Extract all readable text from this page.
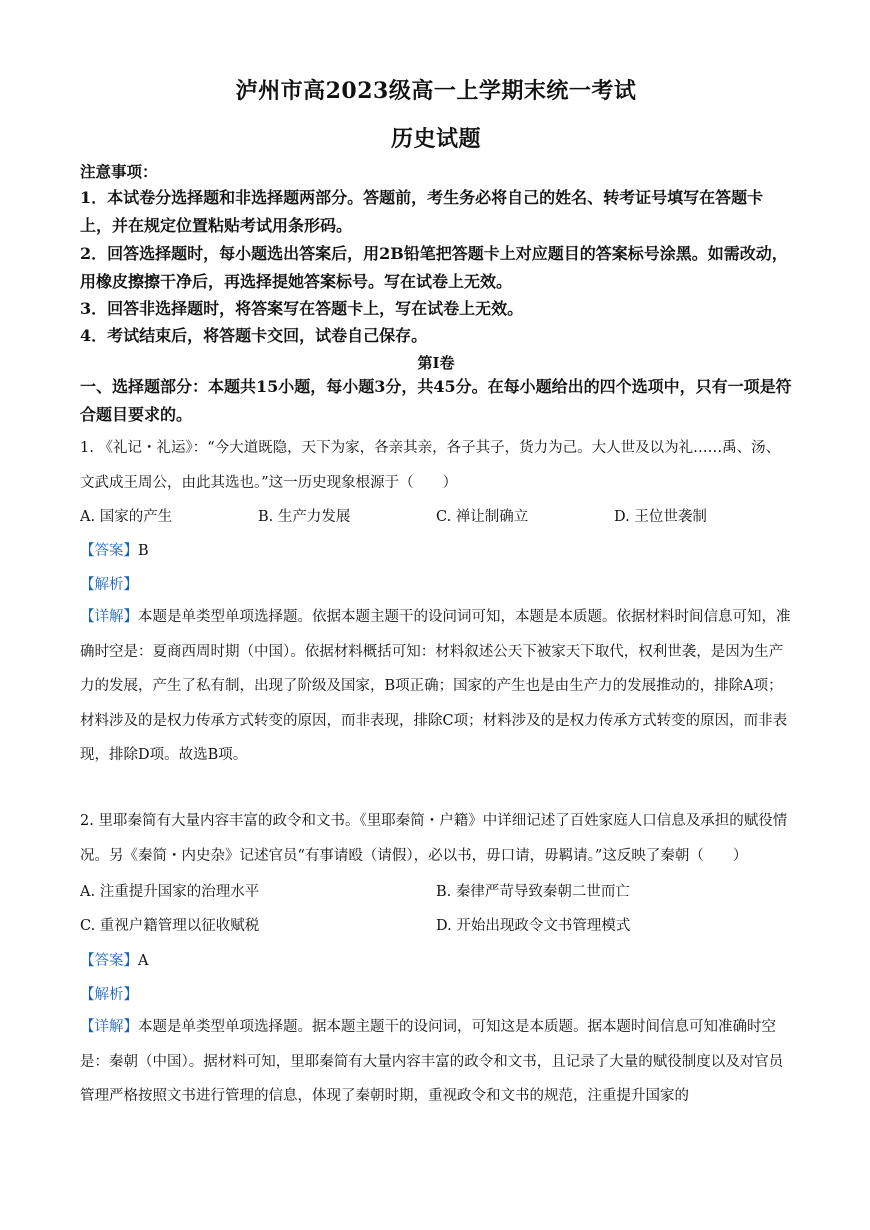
泸州市高2023级高一上学期末统一考试
历史试题
注意事项：
1．本试卷分选择题和非选择题两部分。答题前，考生务必将自己的姓名、转考证号填写在答题卡上，并在规定位置粘贴考试用条形码。
2．回答选择题时，每小题选出答案后，用2B铅笔把答题卡上对应题目的答案标号涂黑。如需改动，用橡皮擦擦干净后，再选择提她答案标号。写在试卷上无效。
3．回答非选择题时，将答案写在答题卡上，写在试卷上无效。
4．考试结束后，将答题卡交回，试卷自己保存。
第Ⅰ卷
一、选择题部分：本题共15小题，每小题3分，共45分。在每小题给出的四个选项中，只有一项是符合题目要求的。
1. 《礼记・礼运》：“今大道既隐，天下为家，各亲其亲，各子其子，货力为己。大人世及以为礼……禹、汤、文武成王周公，由此其选也。”这一历史现象根源于（　　）
A. 国家的产生	B. 生产力发展	C. 禅让制确立	D. 王位世袭制
【答案】B
【解析】
【详解】本题是单类型单项选择题。依据本题主题干的设问词可知，本题是本质题。依据材料时间信息可知，准确时空是：夏商西周时期（中国）。依据材料概括可知：材料叙述公天下被家天下取代，权利世袭，是因为生产力的发展，产生了私有制，出现了阶级及国家，B项正确；国家的产生也是由生产力的发展推动的，排除A项；材料涉及的是权力传承方式转变的原因，而非表现，排除C项；材料涉及的是权力传承方式转变的原因，而非表现，排除D项。故选B项。
2. 里耶秦简有大量内容丰富的政令和文书。《里耶秦简・户籍》中详细记述了百姓家庭人口信息及承担的赋役情况。另《秦简・内史杂》记述官员“有事请殴（请假），必以书，毋口请，毋羁请。”这反映了秦朝（　　）
A. 注重提升国家的治理水平	B. 秦律严苛导致秦朝二世而亡
C. 重视户籍管理以征收赋税	D. 开始出现政令文书管理模式
【答案】A
【解析】
【详解】本题是单类型单项选择题。据本题主题干的设问词，可知这是本质题。据本题时间信息可知准确时空是：秦朝（中国）。据材料可知，里耶秦简有大量内容丰富的政令和文书，且记录了大量的赋役制度以及对官员管理严格按照文书进行管理的信息，体现了秦朝时期，重视政令和文书的规范，注重提升国家的
